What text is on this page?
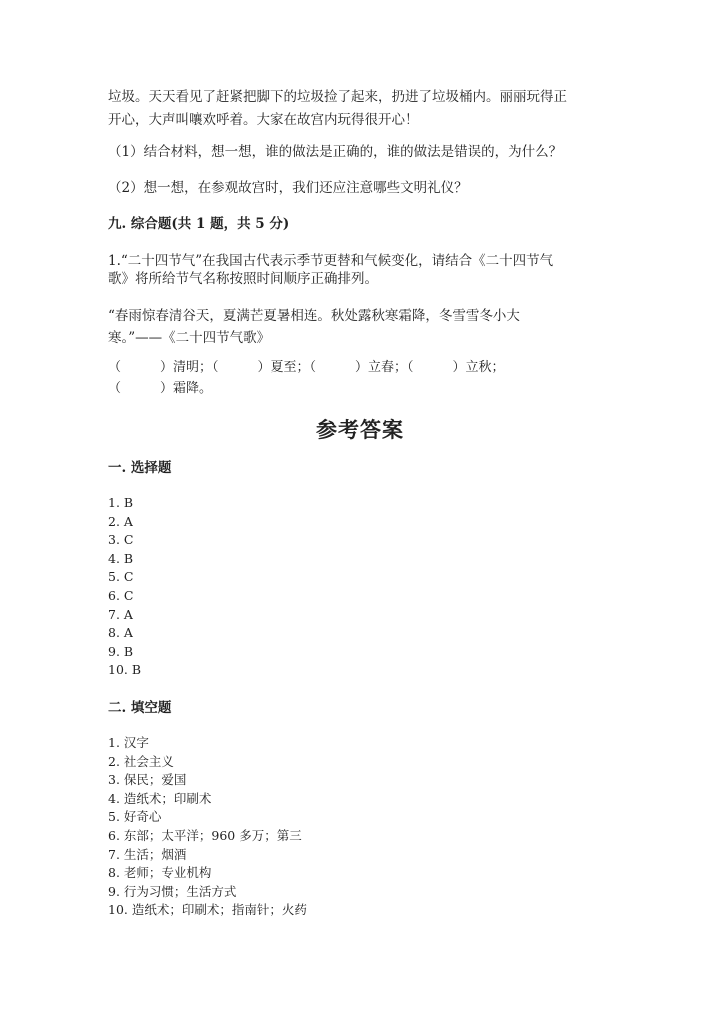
垃圾。天天看见了赶紧把脚下的垃圾捡了起来，扔进了垃圾桶内。丽丽玩得正

开心，大声叫嚷欢呼着。大家在故宫内玩得很开心！

（1）结合材料，想一想，谁的做法是正确的，谁的做法是错误的，为什么？

（2）想一想，在参观故宫时，我们还应注意哪些文明礼仪？

九. 综合题(共 1 题，共 5 分)

1.“二十四节气”在我国古代表示季节更替和气候变化，请结合《二十四节气

歌》将所给节气名称按照时间顺序正确排列。

“春雨惊春清谷天，夏满芒夏暑相连。秋处露秋寒霜降，冬雪雪冬小大

寒。”——《二十四节气歌》

（　　　）清明；（　　　）夏至；（　　　）立春；（　　　）立秋；

（　　　）霜降。

参考答案

一. 选择题

1. B
2. A
3. C
4. B
5. C
6. C
7. A
8. A
9. B
10. B

二. 填空题

1. 汉字
2. 社会主义
3. 保民；爱国
4. 造纸术；印刷术
5. 好奇心
6. 东部；太平洋；960 多万；第三
7. 生活；烟酒
8. 老师；专业机构
9. 行为习惯；生活方式
10. 造纸术；印刷术；指南针；火药
